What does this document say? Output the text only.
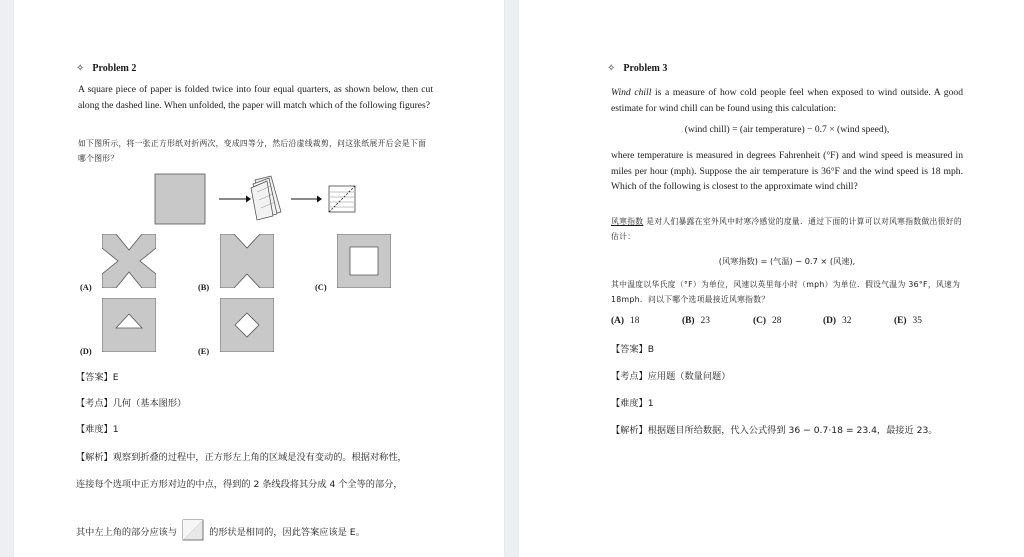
✧ Problem 2
A square piece of paper is folded twice into four equal quarters, as shown below, then cut along the dashed line. When unfolded, the paper will match which of the following figures?
如下图所示，将一张正方形纸对折两次，变成四等分，然后沿虚线裁剪，问这张纸展开后会是下面哪个图形？
(A)	(B)	(C)
(D)	(E)
【答案】E
【考点】几何（基本图形）
【难度】1
【解析】观察到折叠的过程中，正方形左上角的区域是没有变动的。根据对称性，
连接每个选项中正方形对边的中点，得到的 2 条线段将其分成 4 个全等的部分，
其中左上角的部分应该与	的形状是相同的，因此答案应该是 E。
✧ Problem 3
Wind chill is a measure of how cold people feel when exposed to wind outside. A good estimate for wind chill can be found using this calculation:
(wind chill) = (air temperature) − 0.7 × (wind speed),
where temperature is measured in degrees Fahrenheit (°F) and wind speed is measured in miles per hour (mph). Suppose the air temperature is 36°F and the wind speed is 18 mph. Which of the following is closest to the approximate wind chill?
风寒指数 是对人们暴露在室外风中时寒冷感觉的度量．通过下面的计算可以对风寒指数做出很好的估计：
(风寒指数) = (气温) − 0.7 × (风速),
其中温度以华氏度（°F）为单位，风速以英里每小时（mph）为单位．假设气温为 36°F，风速为 18mph．问以下哪个选项最接近风寒指数？
(A) 18	(B) 23	(C) 28	(D) 32	(E) 35
【答案】B
【考点】应用题（数量问题）
【难度】1
【解析】根据题目所给数据，代入公式得到 36 − 0.7·18 = 23.4，最接近 23。
